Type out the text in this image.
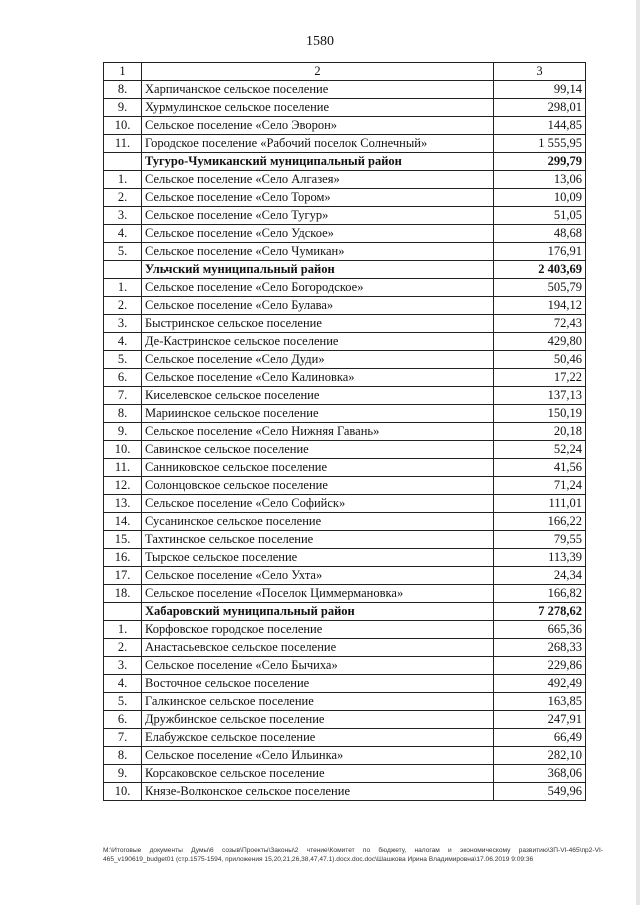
1580
1	2	3
8.	Харпичанское сельское поселение	99,14
9.	Хурмулинское сельское поселение	298,01
10.	Сельское поселение «Село Эворон»	144,85
11.	Городское поселение «Рабочий поселок Солнечный»	1 555,95
	Тугуро-Чумиканский муниципальный район	299,79
1.	Сельское поселение «Село Алгазея»	13,06
2.	Сельское поселение «Село Тором»	10,09
3.	Сельское поселение «Село Тугур»	51,05
4.	Сельское поселение «Село Удское»	48,68
5.	Сельское поселение «Село Чумикан»	176,91
	Ульчский муниципальный район	2 403,69
1.	Сельское поселение «Село Богородское»	505,79
2.	Сельское поселение «Село Булава»	194,12
3.	Быстринское сельское поселение	72,43
4.	Де-Кастринское сельское поселение	429,80
5.	Сельское поселение «Село Дуди»	50,46
6.	Сельское поселение «Село Калиновка»	17,22
7.	Киселевское сельское поселение	137,13
8.	Мариинское сельское поселение	150,19
9.	Сельское поселение «Село Нижняя Гавань»	20,18
10.	Савинское сельское поселение	52,24
11.	Санниковское сельское поселение	41,56
12.	Солонцовское сельское поселение	71,24
13.	Сельское поселение «Село Софийск»	111,01
14.	Сусанинское сельское поселение	166,22
15.	Тахтинское сельское поселение	79,55
16.	Тырское сельское поселение	113,39
17.	Сельское поселение «Село Ухта»	24,34
18.	Сельское поселение «Поселок Циммермановка»	166,82
	Хабаровский муниципальный район	7 278,62
1.	Корфовское городское поселение	665,36
2.	Анастасьевское сельское поселение	268,33
3.	Сельское поселение «Село Бычиха»	229,86
4.	Восточное сельское поселение	492,49
5.	Галкинское сельское поселение	163,85
6.	Дружбинское сельское поселение	247,91
7.	Елабужское сельское поселение	66,49
8.	Сельское поселение «Село Ильинка»	282,10
9.	Корсаковское сельское поселение	368,06
10.	Князе-Волконское сельское поселение	549,96
M:\Итоговые документы Думы\6 созыв\Проекты\Законы\2 чтение\Комитет по бюджету, налогам и экономическому развитию\3П-VI-465\пр2-VI-465_v190619_budget01 (стр.1575-1594, приложения 15,20,21,26,38,47,47.1).docx.doc.doc\Шашкова Ирина Владимировна\17.06.2019 9:09:36
